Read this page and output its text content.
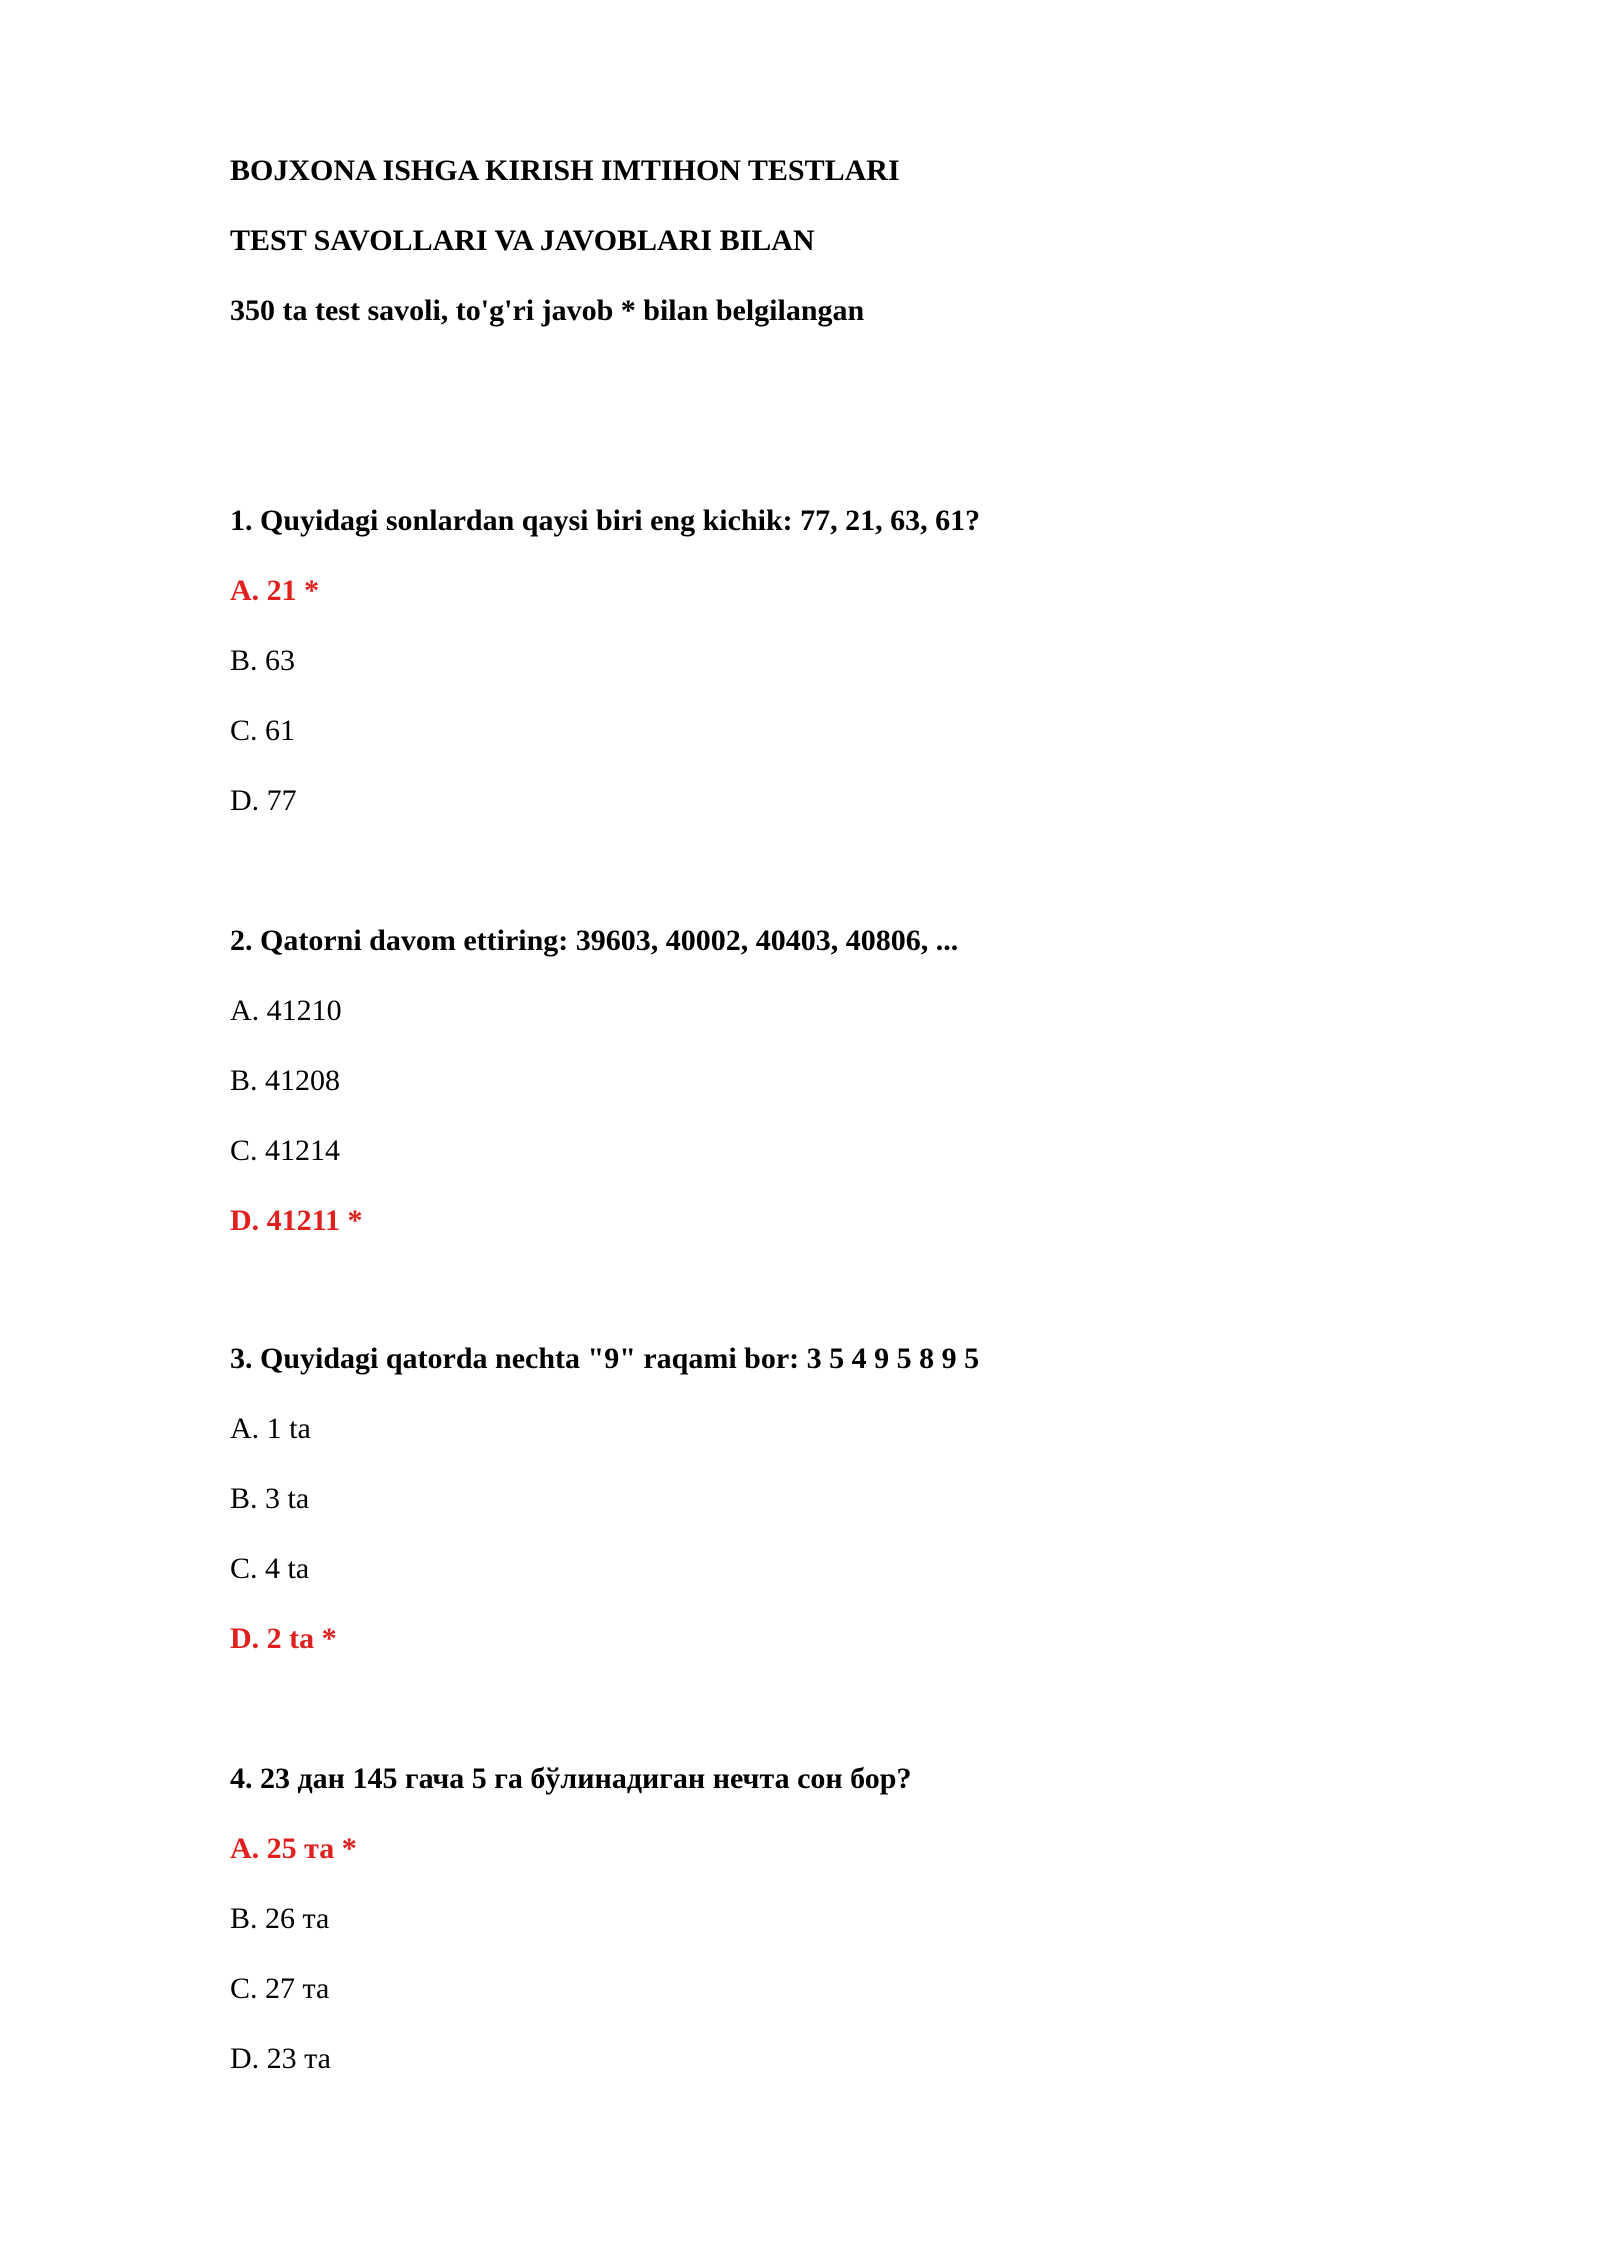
BOJXONA ISHGA KIRISH IMTIHON TESTLARI

TEST SAVOLLARI VA JAVOBLARI BILAN

350 ta test savoli, to'g'ri javob * bilan belgilangan

1. Quyidagi sonlardan qaysi biri eng kichik: 77, 21, 63, 61?

A. 21 *

B. 63

C. 61

D. 77

2. Qatorni davom ettiring: 39603, 40002, 40403, 40806, ...

A. 41210

B. 41208

C. 41214

D. 41211 *

3. Quyidagi qatorda nechta "9" raqami bor: 3 5 4 9 5 8 9 5

A. 1 ta

B. 3 ta

C. 4 ta

D. 2 ta *

4. 23 дан 145 гача 5 га бўлинадиган нечта сон бор?

A. 25 та *

B. 26 та

C. 27 та

D. 23 та
